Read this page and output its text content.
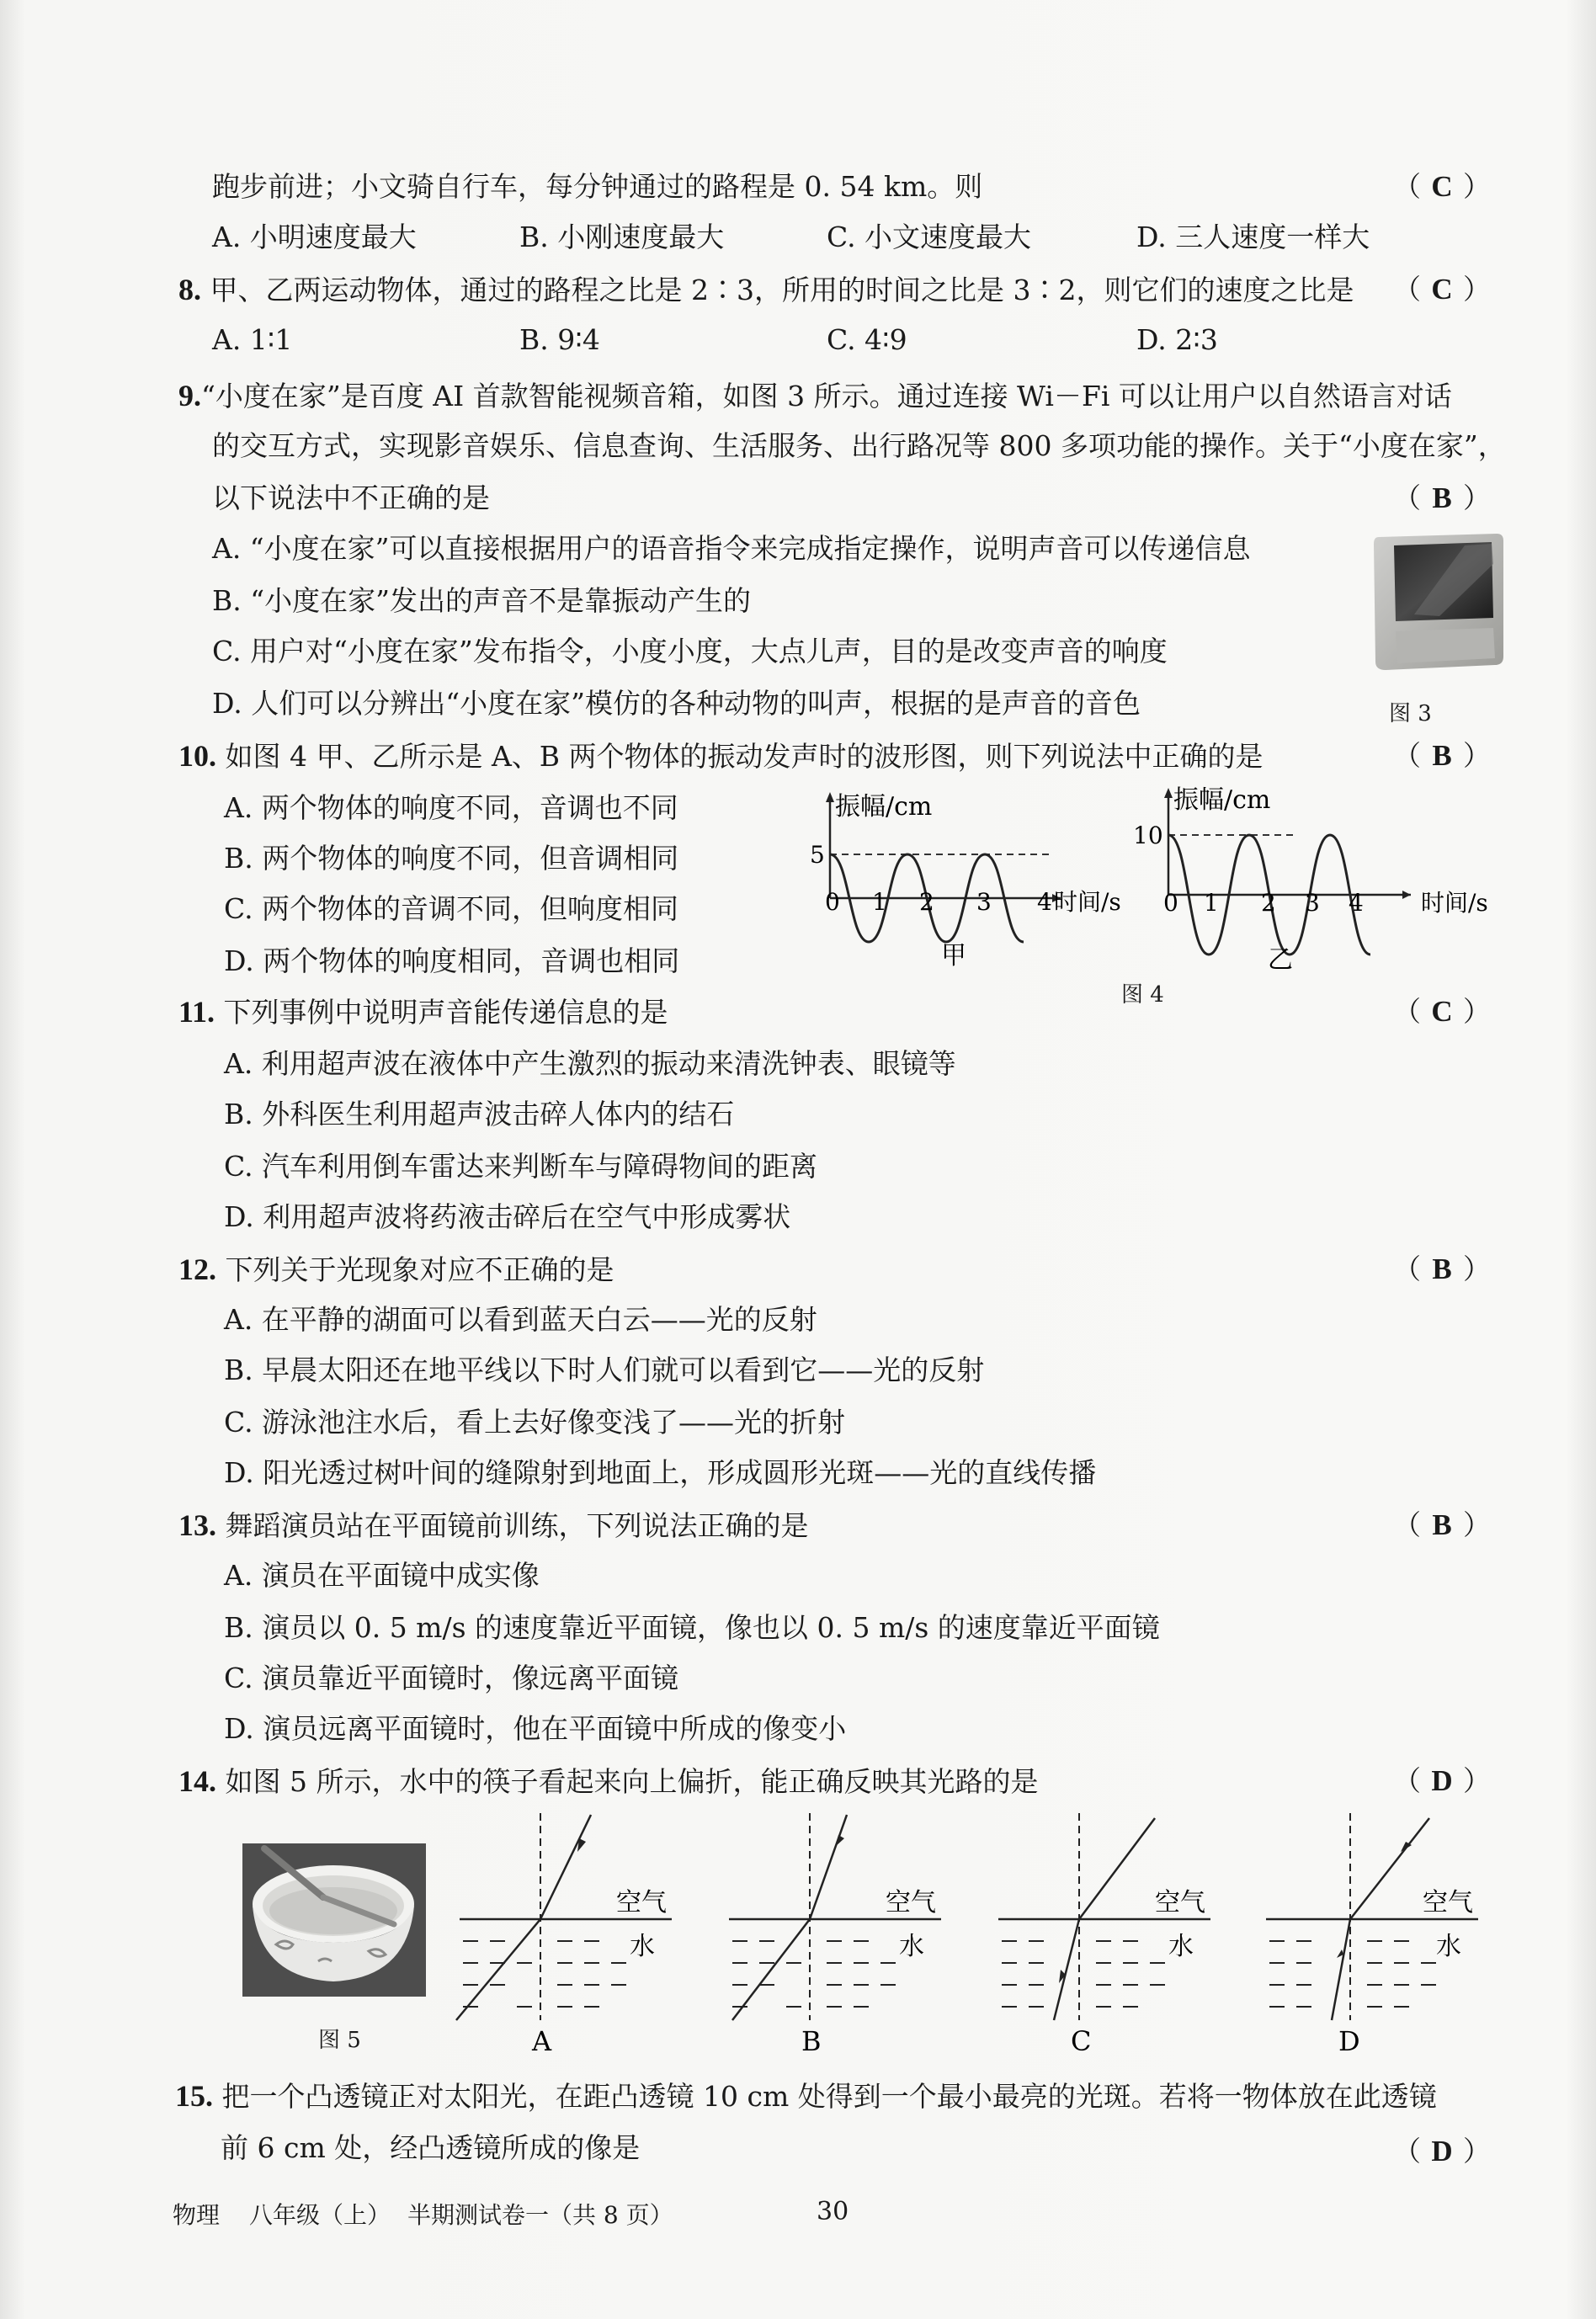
跑步前进；小文骑自行车，每分钟通过的路程是 0. 54 km。则	（ C ）
A. 小明速度最大	B. 小刚速度最大	C. 小文速度最大	D. 三人速度一样大
8. 甲、乙两运动物体，通过的路程之比是 2∶3，所用的时间之比是 3∶2，则它们的速度之比是 （ C ）
A. 1∶1	B. 9∶4	C. 4∶9	D. 2∶3
9.“小度在家”是百度 AI 首款智能视频音箱，如图 3 所示。通过连接 Wi－Fi 可以让用户以自然语言对话
的交互方式，实现影音娱乐、信息查询、生活服务、出行路况等 800 多项功能的操作。关于“小度在家”，
以下说法中不正确的是	（ B ）
A. “小度在家”可以直接根据用户的语音指令来完成指定操作，说明声音可以传递信息
B. “小度在家”发出的声音不是靠振动产生的
C. 用户对“小度在家”发布指令，小度小度，大点儿声，目的是改变声音的响度
D. 人们可以分辨出“小度在家”模仿的各种动物的叫声，根据的是声音的音色	图 3
10. 如图 4 甲、乙所示是 A、B 两个物体的振动发声时的波形图，则下列说法中正确的是	（ B ）
A. 两个物体的响度不同，音调也不同
B. 两个物体的响度不同，但音调相同
C. 两个物体的音调不同，但响度相同
D. 两个物体的响度相同，音调也相同
振幅/cm
5
0 1 2 3 4 时间/s
甲
振幅/cm
10
0 1 2 3 4 时间/s
乙
图 4
11. 下列事例中说明声音能传递信息的是	（ C ）
A. 利用超声波在液体中产生激烈的振动来清洗钟表、眼镜等
B. 外科医生利用超声波击碎人体内的结石
C. 汽车利用倒车雷达来判断车与障碍物间的距离
D. 利用超声波将药液击碎后在空气中形成雾状
12. 下列关于光现象对应不正确的是	（ B ）
A. 在平静的湖面可以看到蓝天白云——光的反射
B. 早晨太阳还在地平线以下时人们就可以看到它——光的反射
C. 游泳池注水后，看上去好像变浅了——光的折射
D. 阳光透过树叶间的缝隙射到地面上，形成圆形光斑——光的直线传播
13. 舞蹈演员站在平面镜前训练，下列说法正确的是	（ B ）
A. 演员在平面镜中成实像
B. 演员以 0. 5 m/s 的速度靠近平面镜，像也以 0. 5 m/s 的速度靠近平面镜
C. 演员靠近平面镜时，像远离平面镜
D. 演员远离平面镜时，他在平面镜中所成的像变小
14. 如图 5 所示，水中的筷子看起来向上偏折，能正确反映其光路的是	（ D ）
图 5
空气
水
A
空气
水
B
空气
水
C
空气
水
D
15. 把一个凸透镜正对太阳光，在距凸透镜 10 cm 处得到一个最小最亮的光斑。若将一物体放在此透镜
前 6 cm 处，经凸透镜所成的像是	（ D ）
物理 八年级（上） 半期测试卷一（共 8 页）	30
